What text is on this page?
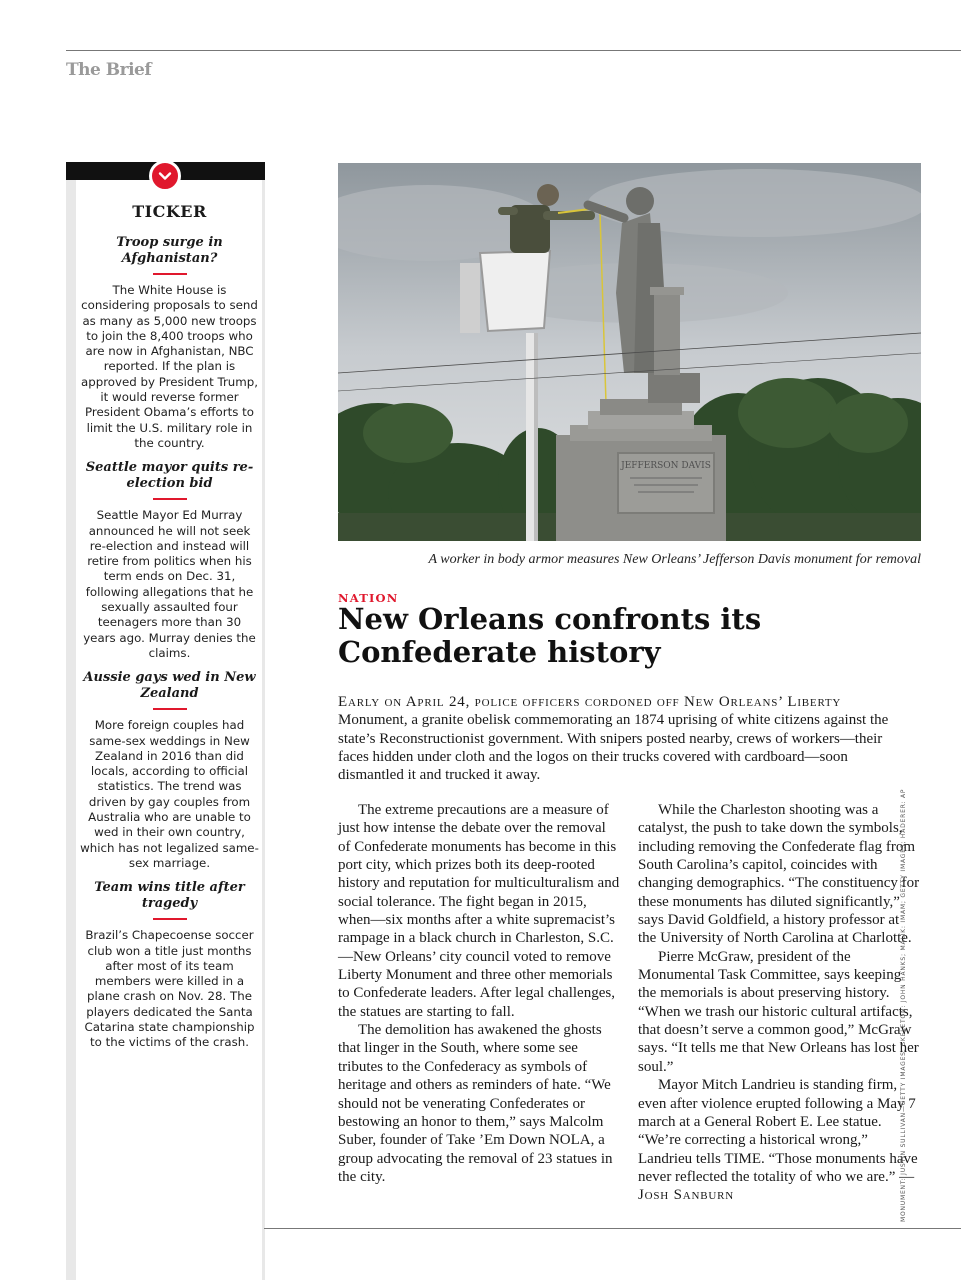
The Brief

TICKER

Troop surge in Afghanistan?

The White House is considering proposals to send as many as 5,000 new troops to join the 8,400 troops who are now in Afghanistan, NBC reported. If the plan is approved by President Trump, it would reverse former President Obama’s efforts to limit the U.S. military role in the country.

Seattle mayor quits re-election bid

Seattle Mayor Ed Murray announced he will not seek re-election and instead will retire from politics when his term ends on Dec. 31, following allegations that he sexually assaulted four teenagers more than 30 years ago. Murray denies the claims.

Aussie gays wed in New Zealand

More foreign couples had same-sex weddings in New Zealand in 2016 than did locals, according to official statistics. The trend was driven by gay couples from Australia who are unable to wed in their own country, which has not legalized same-sex marriage.

Team wins title after tragedy

Brazil’s Chapecoense soccer club won a title just months after most of its team members were killed in a plane crash on Nov. 28. The players dedicated the Santa Catarina state championship to the victims of the crash.

JEFFERSON DAVIS
A worker in body armor measures New Orleans’ Jefferson Davis monument for removal
NATION
New Orleans confronts its Confederate history

Early on April 24, police officers cordoned off New Orleans’ Liberty Monument, a granite obelisk commemorating an 1874 uprising of white citizens against the state’s Reconstructionist government. With snipers posted nearby, crews of workers—their faces hidden under cloth and the logos on their trucks covered with cardboard—soon dismantled it and trucked it away.

The extreme precautions are a measure of just how intense the debate over the removal of Confederate monuments has become in this port city, which prizes both its deep-rooted history and reputation for multiculturalism and social tolerance. The fight began in 2015, when—six months after a white supremacist’s rampage in a black church in Charleston, S.C.—New Orleans’ city council voted to remove Liberty Monument and three other memorials to Confederate leaders. After legal challenges, the statues are starting to fall.

The demolition has awakened the ghosts that linger in the South, where some see tributes to the Confederacy as symbols of heritage and others as reminders of hate. “We should not be venerating Confederates or bestowing an honor to them,” says Malcolm Suber, founder of Take ’Em Down NOLA, a group advocating the removal of 23 statues in the city.

While the Charleston shooting was a catalyst, the push to take down the symbols, including removing the Confederate flag from South Carolina’s capitol, coincides with changing demographics. “The constituency for these monuments has diluted significantly,” says David Goldfield, a history professor at the University of North Carolina at Charlotte.

Pierre McGraw, president of the Monumental Task Committee, says keeping the memorials is about preserving history. “When we trash our historic cultural artifacts, that doesn’t serve a common good,” McGraw says. “It tells me that New Orleans has lost her soul.”

Mayor Mitch Landrieu is standing firm, even after violence erupted following a May 7 march at a General Robert E. Lee statue. “We’re correcting a historical wrong,” Landrieu tells TIME. “Those monuments have never reflected the totality of who we are.” —Josh Sanburn	MONUMENT: JUSTIN SULLIVAN—GETTY IMAGES; SKELETON: JOHN HANKS; MALIK: IMAM; GETTY IMAGES; HADERER: AP
